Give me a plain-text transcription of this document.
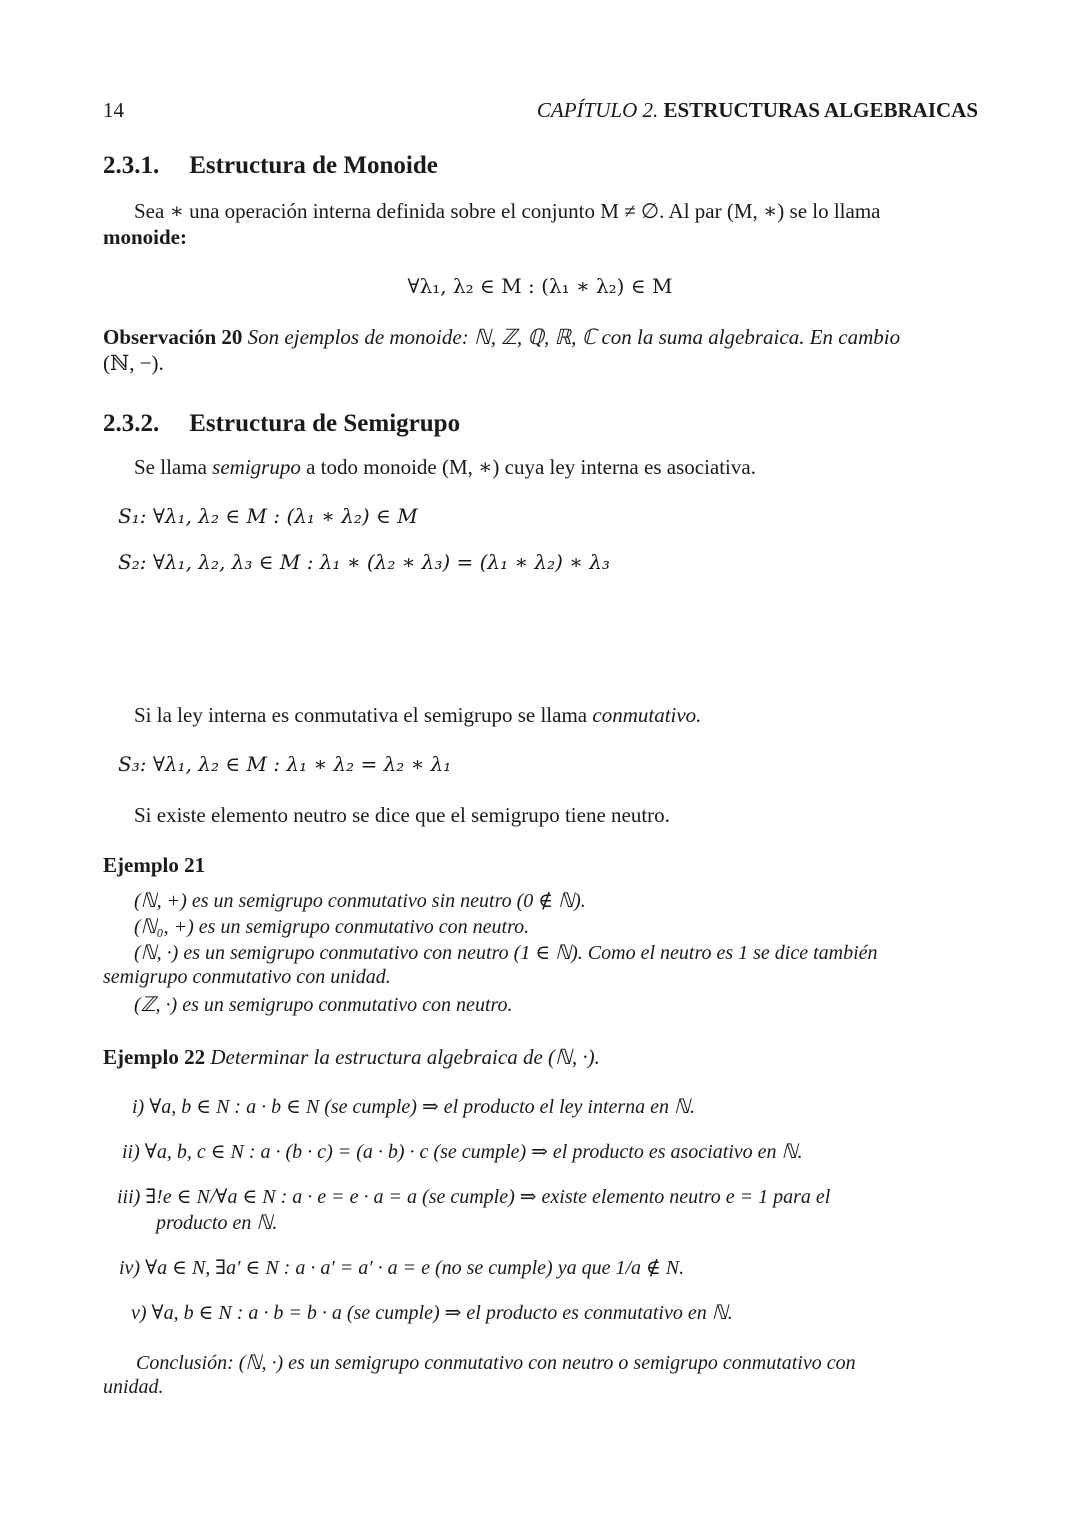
14	CAPÍTULO 2. ESTRUCTURAS ALGEBRAICAS
2.3.1. Estructura de Monoide
Sea ∗ una operación interna definida sobre el conjunto M ≠ ∅. Al par (M, ∗) se lo llama
monoide:
∀λ₁, λ₂ ∈ M : (λ₁ ∗ λ₂) ∈ M
Observación 20 Son ejemplos de monoide: ℕ, ℤ, ℚ, ℝ, ℂ con la suma algebraica. En cambio
(ℕ, −).
2.3.2. Estructura de Semigrupo
Se llama semigrupo a todo monoide (M, ∗) cuya ley interna es asociativa.
S₁: ∀λ₁, λ₂ ∈ M : (λ₁ ∗ λ₂) ∈ M
S₂: ∀λ₁, λ₂, λ₃ ∈ M : λ₁ ∗ (λ₂ ∗ λ₃) = (λ₁ ∗ λ₂) ∗ λ₃
Si la ley interna es conmutativa el semigrupo se llama conmutativo.
S₃: ∀λ₁, λ₂ ∈ M : λ₁ ∗ λ₂ = λ₂ ∗ λ₁
Si existe elemento neutro se dice que el semigrupo tiene neutro.
Ejemplo 21
(ℕ, +) es un semigrupo conmutativo sin neutro (0 ∉ ℕ).
(ℕ₀, +) es un semigrupo conmutativo con neutro.
(ℕ, ·) es un semigrupo conmutativo con neutro (1 ∈ ℕ). Como el neutro es 1 se dice también
semigrupo conmutativo con unidad.
(ℤ, ·) es un semigrupo conmutativo con neutro.
Ejemplo 22 Determinar la estructura algebraica de (ℕ, ·).
i) ∀a, b ∈ N : a · b ∈ N (se cumple) ⇒ el producto el ley interna en ℕ.
ii) ∀a, b, c ∈ N : a · (b · c) = (a · b) · c (se cumple) ⇒ el producto es asociativo en ℕ.
iii) ∃!e ∈ N/∀a ∈ N : a · e = e · a = a (se cumple) ⇒ existe elemento neutro e = 1 para el
producto en ℕ.
iv) ∀a ∈ N, ∃a′ ∈ N : a · a′ = a′ · a = e (no se cumple) ya que 1/a ∉ N.
v) ∀a, b ∈ N : a · b = b · a (se cumple) ⇒ el producto es conmutativo en ℕ.
Conclusión: (ℕ, ·) es un semigrupo conmutativo con neutro o semigrupo conmutativo con
unidad.
